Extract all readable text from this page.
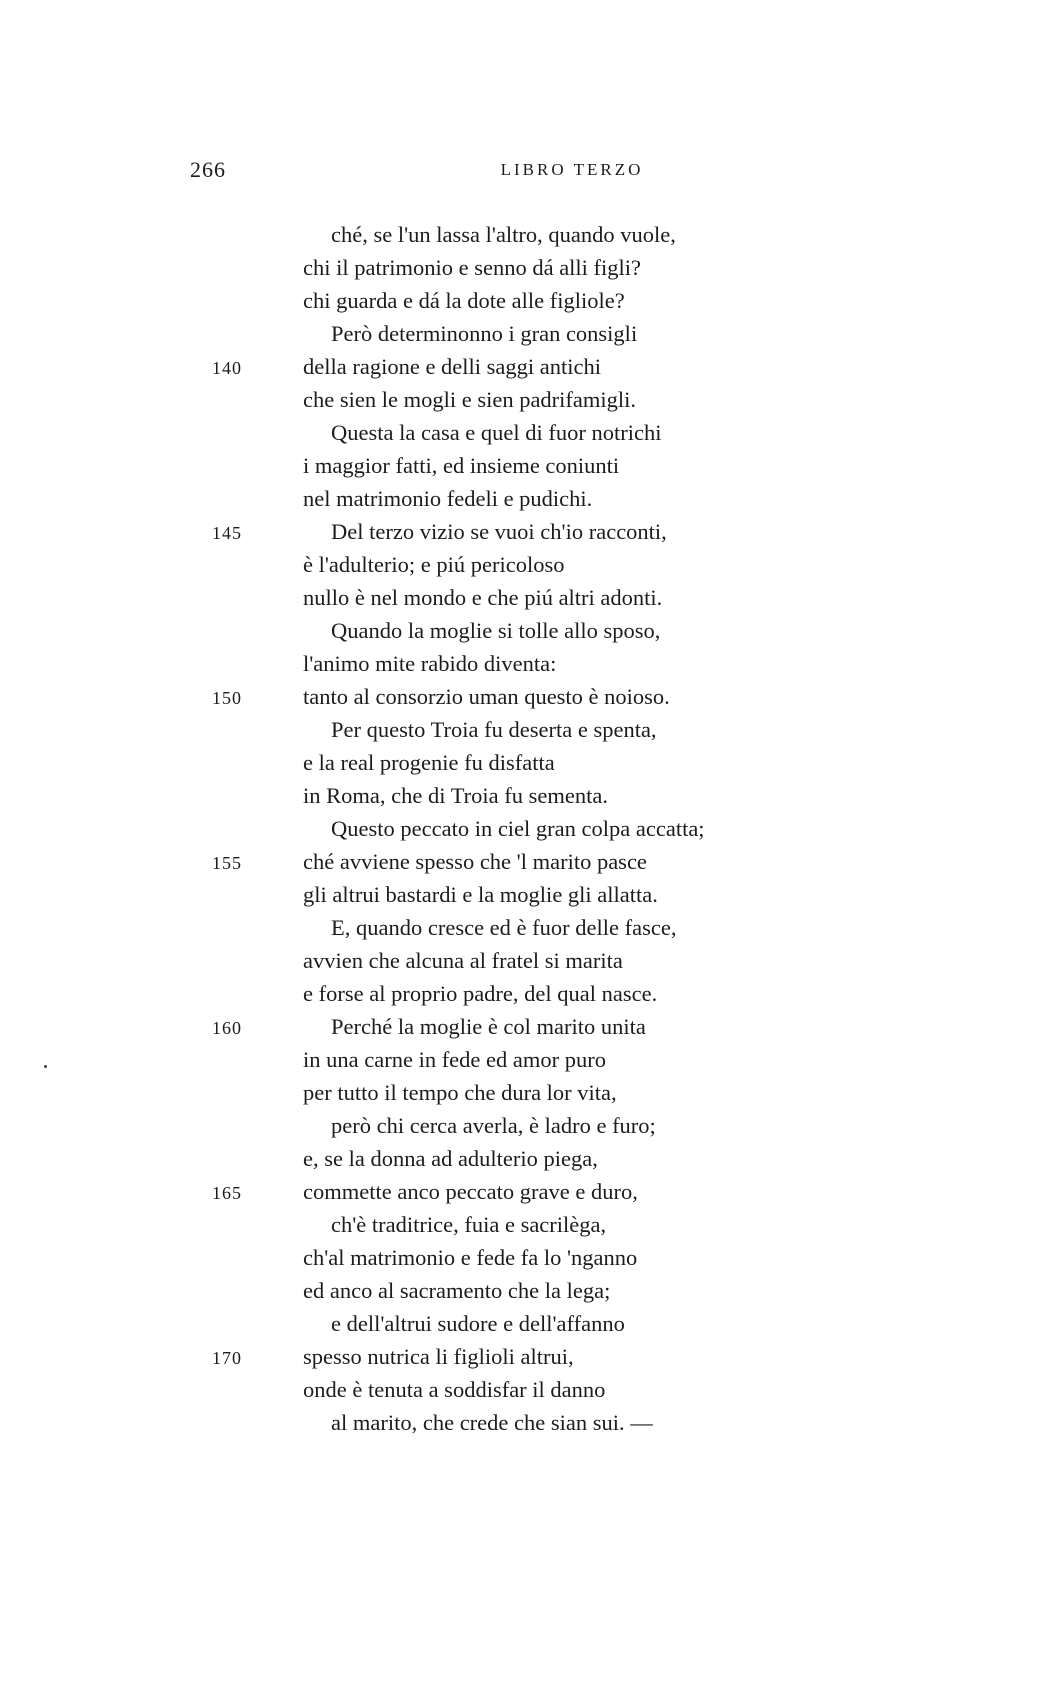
266	LIBRO TERZO
ché, se l'un lassa l'altro, quando vuole,
chi il patrimonio e senno dá alli figli?
chi guarda e dá la dote alle figliole?
Però determinonno i gran consigli
140	della ragione e delli saggi antichi
che sien le mogli e sien padrifamigli.
Questa la casa e quel di fuor notrichi
i maggior fatti, ed insieme coniunti
nel matrimonio fedeli e pudichi.
145	Del terzo vizio se vuoi ch'io racconti,
è l'adulterio; e piú pericoloso
nullo è nel mondo e che piú altri adonti.
Quando la moglie si tolle allo sposo,
l'animo mite rabido diventa:
150	tanto al consorzio uman questo è noioso.
Per questo Troia fu deserta e spenta,
e la real progenie fu disfatta
in Roma, che di Troia fu sementa.
Questo peccato in ciel gran colpa accatta;
155	ché avviene spesso che 'l marito pasce
gli altrui bastardi e la moglie gli allatta.
E, quando cresce ed è fuor delle fasce,
avvien che alcuna al fratel si marita
e forse al proprio padre, del qual nasce.
160	Perché la moglie è col marito unita
in una carne in fede ed amor puro
per tutto il tempo che dura lor vita,
però chi cerca averla, è ladro e furo;
e, se la donna ad adulterio piega,
165	commette anco peccato grave e duro,
ch'è traditrice, fuia e sacrilèga,
ch'al matrimonio e fede fa lo 'nganno
ed anco al sacramento che la lega;
e dell'altrui sudore e dell'affanno
170	spesso nutrica li figlioli altrui,
onde è tenuta a soddisfar il danno
al marito, che crede che sian sui. —
